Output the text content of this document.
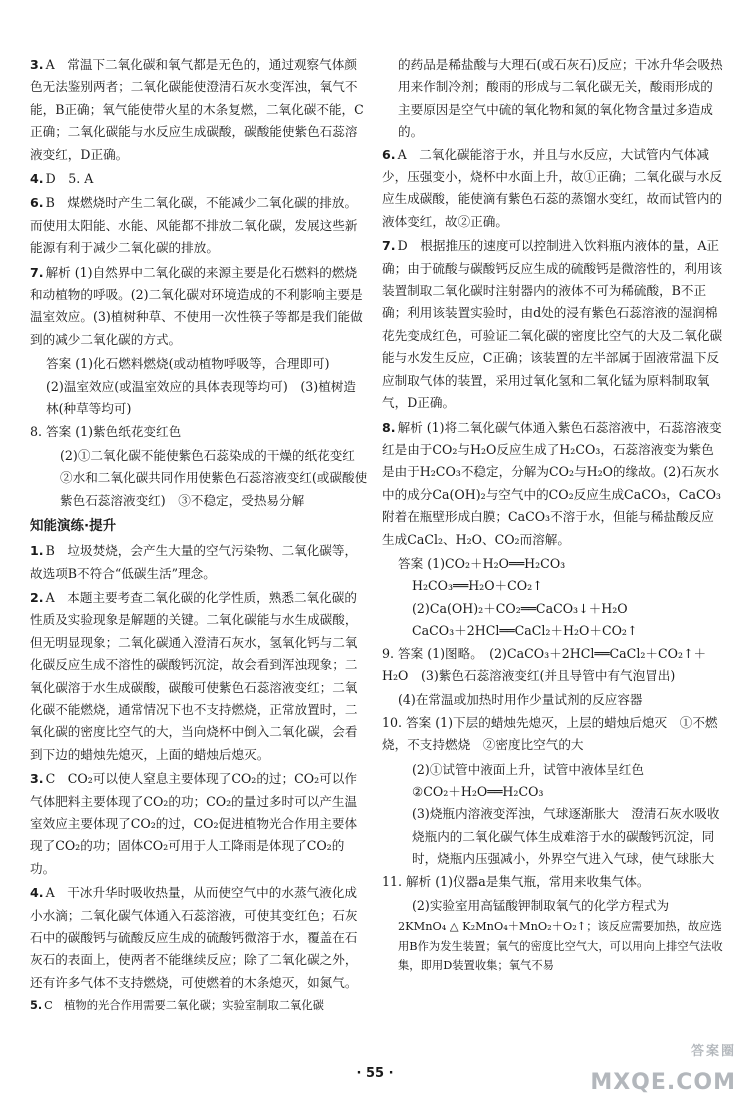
3. A　常温下二氧化碳和氧气都是无色的，通过观察气体颜色无法鉴别两者；二氧化碳能使澄清石灰水变浑浊，氧气不能，B正确；氧气能使带火星的木条复燃，二氧化碳不能，C正确；二氧化碳能与水反应生成碳酸，碳酸能使紫色石蕊溶液变红，D正确。
4. D　5. A
6. B　煤燃烧时产生二氧化碳，不能减少二氧化碳的排放。而使用太阳能、水能、风能都不排放二氧化碳，发展这些新能源有利于减少二氧化碳的排放。
7. 解析 (1)自然界中二氧化碳的来源主要是化石燃料的燃烧和动植物的呼吸。(2)二氧化碳对环境造成的不利影响主要是温室效应。(3)植树种草、不使用一次性筷子等都是我们能做到的减少二氧化碳的方式。
答案 (1)化石燃料燃烧(或动植物呼吸等，合理即可)
(2)温室效应(或温室效应的具体表现等均可)　(3)植树造林(种草等均可)
8. 答案 (1)紫色纸花变红色
(2)①二氧化碳不能使紫色石蕊染成的干燥的纸花变红　②水和二氧化碳共同作用使紫色石蕊溶液变红(或碳酸使紫色石蕊溶液变红)　③不稳定，受热易分解
知能演练·提升
1. B　垃圾焚烧，会产生大量的空气污染物、二氧化碳等，故选项B不符合“低碳生活”理念。
2. A　本题主要考查二氧化碳的化学性质，熟悉二氧化碳的性质及实验现象是解题的关键。二氧化碳能与水生成碳酸，但无明显现象；二氧化碳通入澄清石灰水，氢氧化钙与二氧化碳反应生成不溶性的碳酸钙沉淀，故会看到浑浊现象；二氧化碳溶于水生成碳酸，碳酸可使紫色石蕊溶液变红；二氧化碳不能燃烧，通常情况下也不支持燃烧，正常放置时，二氧化碳的密度比空气的大，当向烧杯中倒入二氧化碳，会看到下边的蜡烛先熄灭，上面的蜡烛后熄灭。
3. C　CO₂可以使人窒息主要体现了CO₂的过；CO₂可以作气体肥料主要体现了CO₂的功；CO₂的量过多时可以产生温室效应主要体现了CO₂的过，CO₂促进植物光合作用主要体现了CO₂的功；固体CO₂可用于人工降雨是体现了CO₂的功。
4. A　干冰升华时吸收热量，从而使空气中的水蒸气液化成小水滴；二氧化碳气体通入石蕊溶液，可使其变红色；石灰石中的碳酸钙与硫酸反应生成的硫酸钙微溶于水，覆盖在石灰石的表面上，使两者不能继续反应；除了二氧化碳之外，还有许多气体不支持燃烧，可使燃着的木条熄灭，如氮气。
5. C　植物的光合作用需要二氧化碳；实验室制取二氧化碳
的药品是稀盐酸与大理石(或石灰石)反应；干冰升华会吸热用来作制冷剂；酸雨的形成与二氧化碳无关，酸雨形成的主要原因是空气中硫的氧化物和氮的氧化物含量过多造成的。
6. A　二氧化碳能溶于水，并且与水反应，大试管内气体减少，压强变小，烧杯中水面上升，故①正确；二氧化碳与水反应生成碳酸，能使滴有紫色石蕊的蒸馏水变红，故而试管内的液体变红，故②正确。
7. D　根据推压的速度可以控制进入饮料瓶内液体的量，A正确；由于硫酸与碳酸钙反应生成的硫酸钙是微溶性的，利用该装置制取二氧化碳时注射器内的液体不可为稀硫酸，B不正确；利用该装置实验时，由d处的浸有紫色石蕊溶液的湿润棉花先变成红色，可验证二氧化碳的密度比空气的大及二氧化碳能与水发生反应，C正确；该装置的左半部属于固液常温下反应制取气体的装置，采用过氧化氢和二氧化锰为原料制取氧气，D正确。
8. 解析 (1)将二氧化碳气体通入紫色石蕊溶液中，石蕊溶液变红是由于CO₂与H₂O反应生成了H₂CO₃，石蕊溶液变为紫色是由于H₂CO₃不稳定，分解为CO₂与H₂O的缘故。(2)石灰水中的成分Ca(OH)₂与空气中的CO₂反应生成CaCO₃，CaCO₃附着在瓶壁形成白膜；CaCO₃不溶于水，但能与稀盐酸反应生成CaCl₂、H₂O、CO₂而溶解。
答案 (1)CO₂＋H₂O══H₂CO₃
H₂CO₃══H₂O＋CO₂↑
(2)Ca(OH)₂＋CO₂══CaCO₃↓＋H₂O
CaCO₃＋2HCl══CaCl₂＋H₂O＋CO₂↑
9. 答案 (1)图略。　(2)CaCO₃＋2HCl══CaCl₂＋CO₂↑＋H₂O　(3)紫色石蕊溶液变红(并且导管中有气泡冒出)
(4)在常温或加热时用作少量试剂的反应容器
10. 答案 (1)下层的蜡烛先熄灭，上层的蜡烛后熄灭　①不燃烧，不支持燃烧　②密度比空气的大
(2)①试管中液面上升，试管中液体呈红色
②CO₂＋H₂O══H₂CO₃
(3)烧瓶内溶液变浑浊，气球逐渐胀大　澄清石灰水吸收烧瓶内的二氧化碳气体生成难溶于水的碳酸钙沉淀，同时，烧瓶内压强减小，外界空气进入气球，使气球胀大
11. 解析 (1)仪器a是集气瓶，常用来收集气体。
(2)实验室用高锰酸钾制取氧气的化学方程式为
2KMnO₄ △ K₂MnO₄＋MnO₂＋O₂↑；该反应需要加热，故应选用B作为发生装置；氧气的密度比空气大，可以用向上排空气法收集，即用D装置收集；氧气不易
· 55 ·
答案圈
MXQE.COM
